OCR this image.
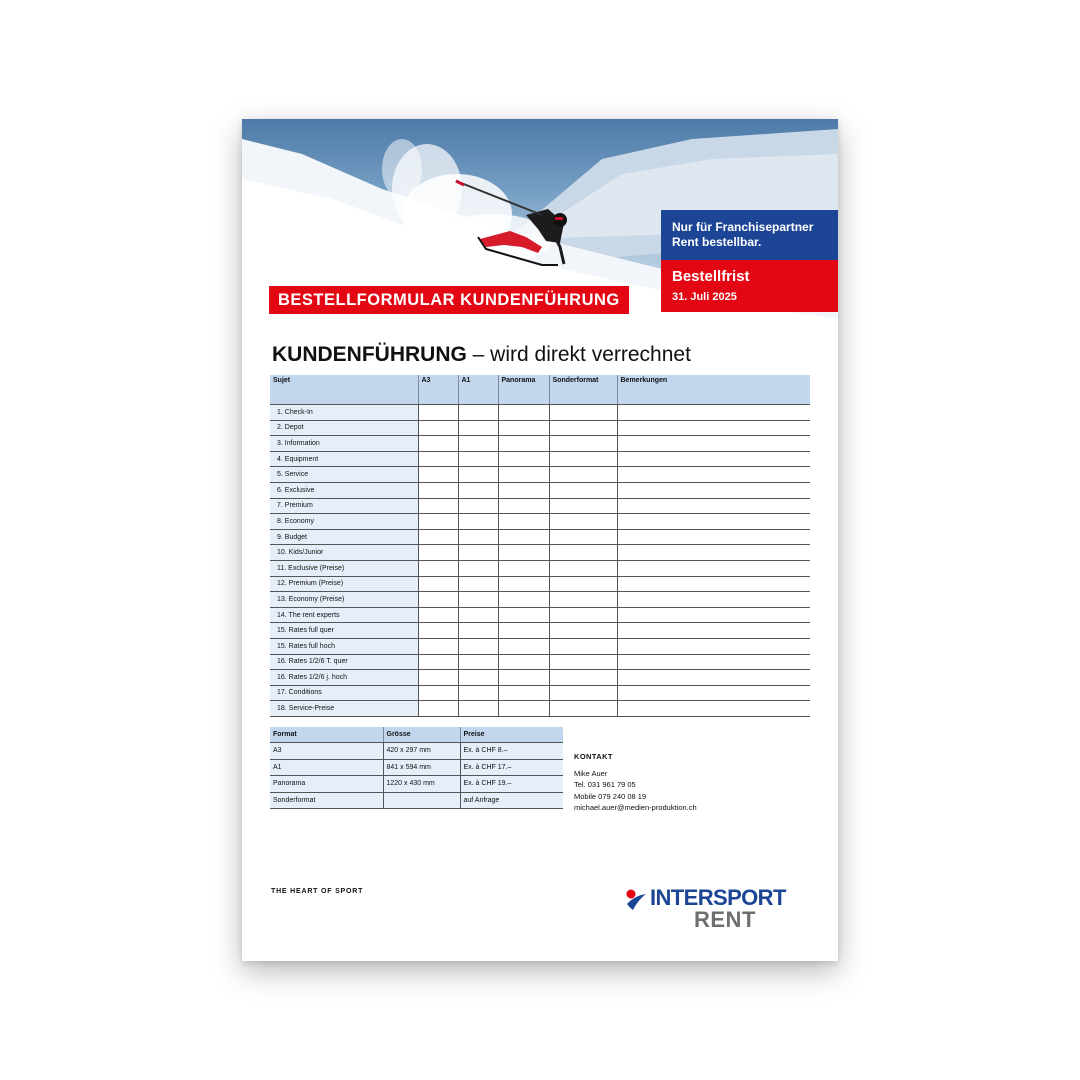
BESTELLFORMULAR KUNDENFÜHRUNG
Nur für Franchisepartner Rent bestellbar.
Bestellfrist
31. Juli 2025
KUNDENFÜHRUNG – wird direkt verrechnet
Sujet	A3	A1	Panorama	Sonderformat	Bemerkungen
1. Check-In					
2. Depot					
3. Information					
4. Equipment					
5. Service					
6. Exclusive					
7. Premium					
8. Economy					
9. Budget					
10. Kids/Junior					
11. Exclusive (Preise)					
12. Premium (Preise)					
13. Economy (Preise)					
14. The rent experts					
15. Rates full quer					
15. Rates full hoch					
16. Rates 1/2/6 T. quer					
16. Rates 1/2/6 j. hoch					
17. Conditions					
18. Service-Preise					
Format	Grösse	Preise
A3	420 x 297 mm	Ex. à CHF 8.–
A1	841 x 594 mm	Ex. à CHF 17.–
Panorama	1220 x 430 mm	Ex. à CHF 19.–
Sonderformat		auf Anfrage
KONTAKT
Mike Auer
Tel. 031 961 79 05
Mobile 079 240 08 19
michael.auer@medien-produktion.ch
THE HEART OF SPORT	INTERSPORT
RENT
